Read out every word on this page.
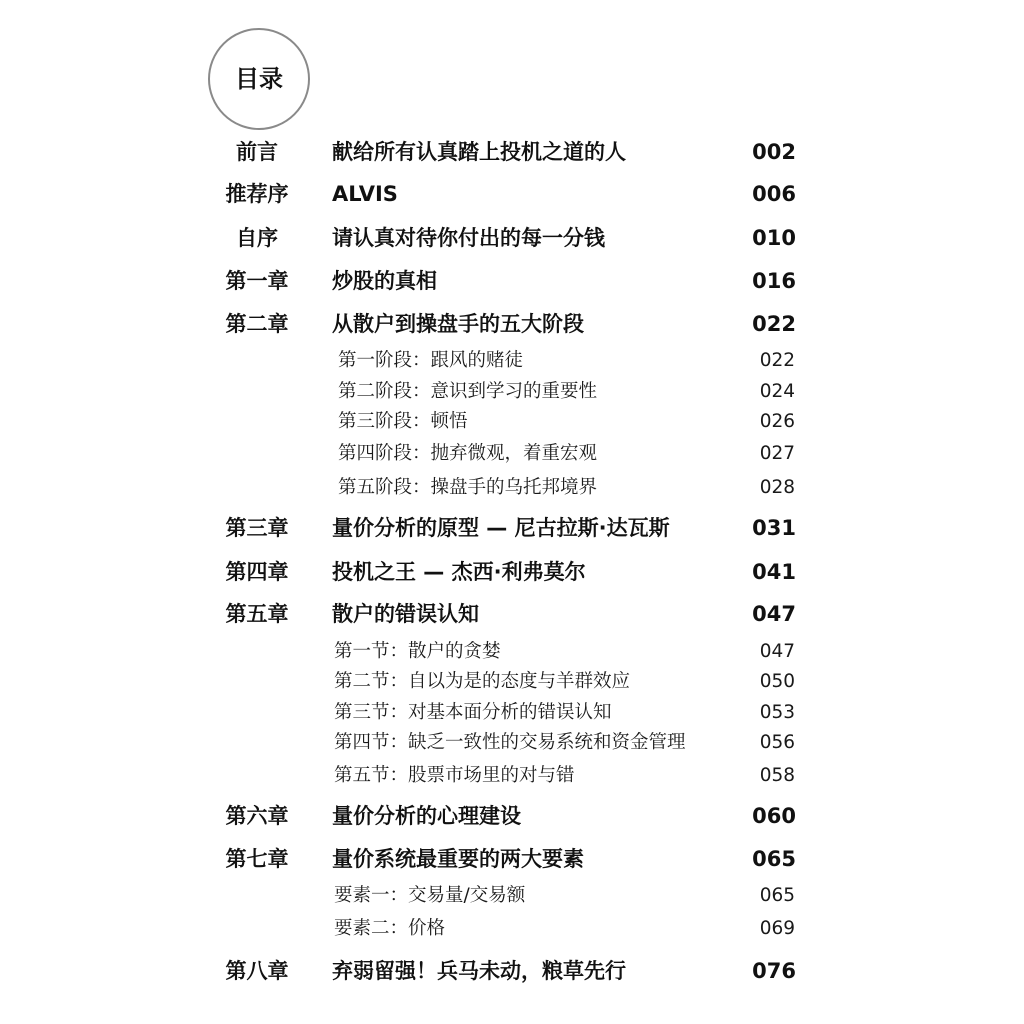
目录
前言	献给所有认真踏上投机之道的人	002
推荐序	ALVIS	006
自序	请认真对待你付出的每一分钱	010
第一章	炒股的真相	016
第二章	从散户到操盘手的五大阶段	022
第一阶段：跟风的赌徒	022
第二阶段：意识到学习的重要性	024
第三阶段：顿悟	026
第四阶段：抛弃微观，着重宏观	027
第五阶段：操盘手的乌托邦境界	028
第三章	量价分析的原型 — 尼古拉斯·达瓦斯	031
第四章	投机之王 — 杰西·利弗莫尔	041
第五章	散户的错误认知	047
第一节：散户的贪婪	047
第二节：自以为是的态度与羊群效应	050
第三节：对基本面分析的错误认知	053
第四节：缺乏一致性的交易系统和资金管理	056
第五节：股票市场里的对与错	058
第六章	量价分析的心理建设	060
第七章	量价系统最重要的两大要素	065
要素一：交易量/交易额	065
要素二：价格	069
第八章	弃弱留强！兵马未动，粮草先行	076
